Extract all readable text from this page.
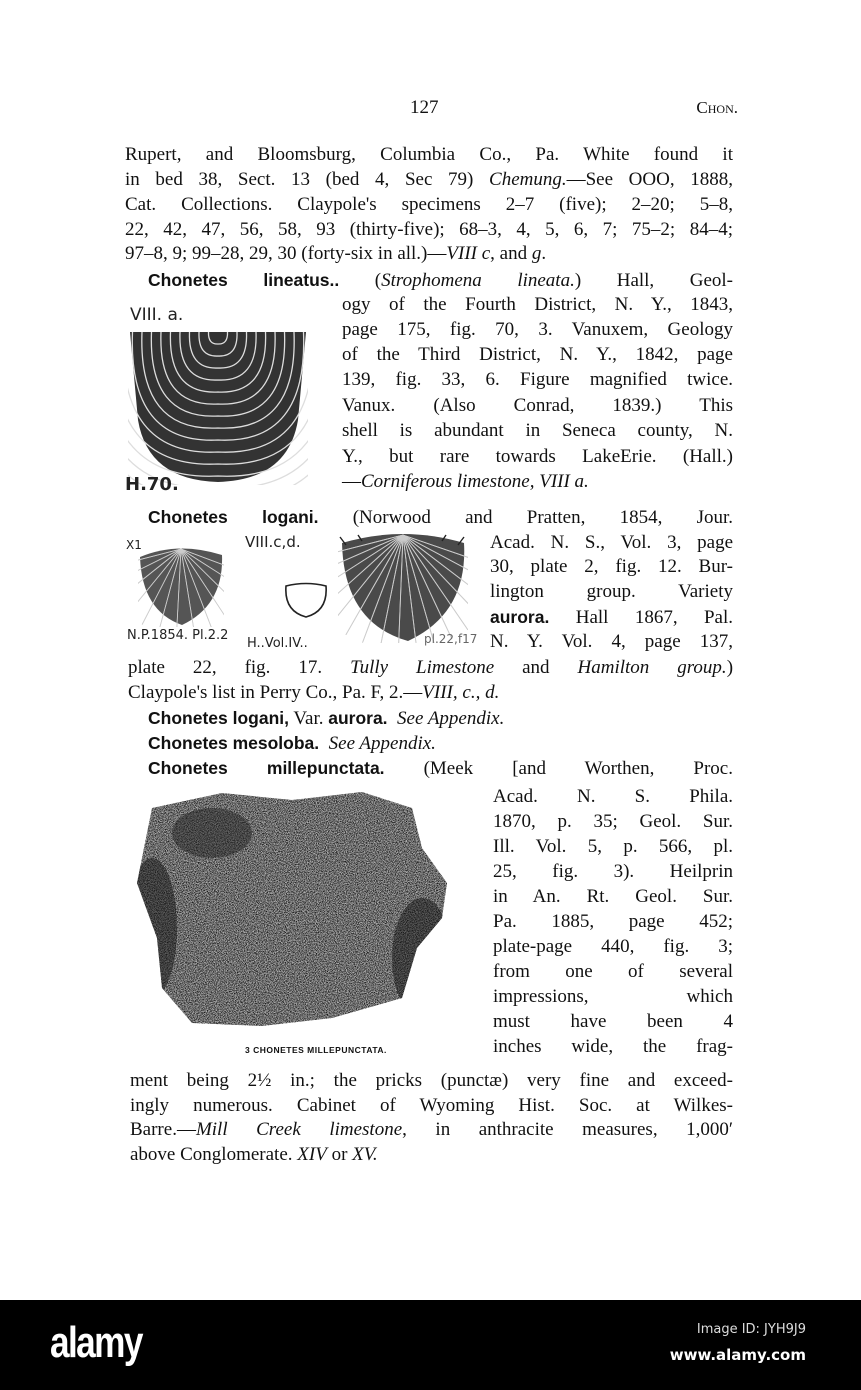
127	Chon.
Rupert, and Bloomsburg, Columbia Co., Pa. White found it
in bed 38, Sect. 13 (bed 4, Sec 79) Chemung.—See OOO, 1888,
Cat. Collections. Claypole's specimens 2–7 (five); 2–20; 5–8,
22, 42, 47, 56, 58, 93 (thirty-five); 68–3, 4, 5, 6, 7; 75–2; 84–4;
97–8, 9; 99–28, 29, 30 (forty-six in all.)—VIII c, and g.
Chonetes lineatus.. (Strophomena lineata.) Hall, Geol-
ogy of the Fourth District, N. Y., 1843,
page 175, fig. 70, 3. Vanuxem, Geology
of the Third District, N. Y., 1842, page
139, fig. 33, 6. Figure magnified twice.
Vanux. (Also Conrad, 1839.) This
shell is abundant in Seneca county, N.
Y., but rare towards LakeErie. (Hall.)
—Corniferous limestone, VIII a.
Chonetes logani. (Norwood and Pratten, 1854, Jour.
Acad. N. S., Vol. 3, page
30, plate 2, fig. 12. Bur-
lington group. Variety
aurora. Hall 1867, Pal.
N. Y. Vol. 4, page 137,
plate 22, fig. 17. Tully Limestone and Hamilton group.)
Claypole's list in Perry Co., Pa. F, 2.—VIII, c., d.
Chonetes logani, Var. aurora. See Appendix.
Chonetes mesoloba. See Appendix.
Chonetes millepunctata. (Meek [and Worthen, Proc.
Acad. N. S. Phila.
1870, p. 35; Geol. Sur.
Ill. Vol. 5, p. 566, pl.
25, fig. 3). Heilprin
in An. Rt. Geol. Sur.
Pa. 1885, page 452;
plate-page 440, fig. 3;
from one of several
impressions, which
must have been 4
inches wide, the frag-
ment being 2½ in.; the pricks (punctæ) very fine and exceed-
ingly numerous. Cabinet of Wyoming Hist. Soc. at Wilkes-
Barre.—Mill Creek limestone, in anthracite measures, 1,000′
above Conglomerate. XIV or XV.
VIII. a.
H.70.
X1	VIII.c,d.
N.P.1854. Pl.2.2
H..Vol.IV..	pl.22,f17
3 CHONETES MILLEPUNCTATA.
alamy	Image ID: JYH9J9
www.alamy.com
